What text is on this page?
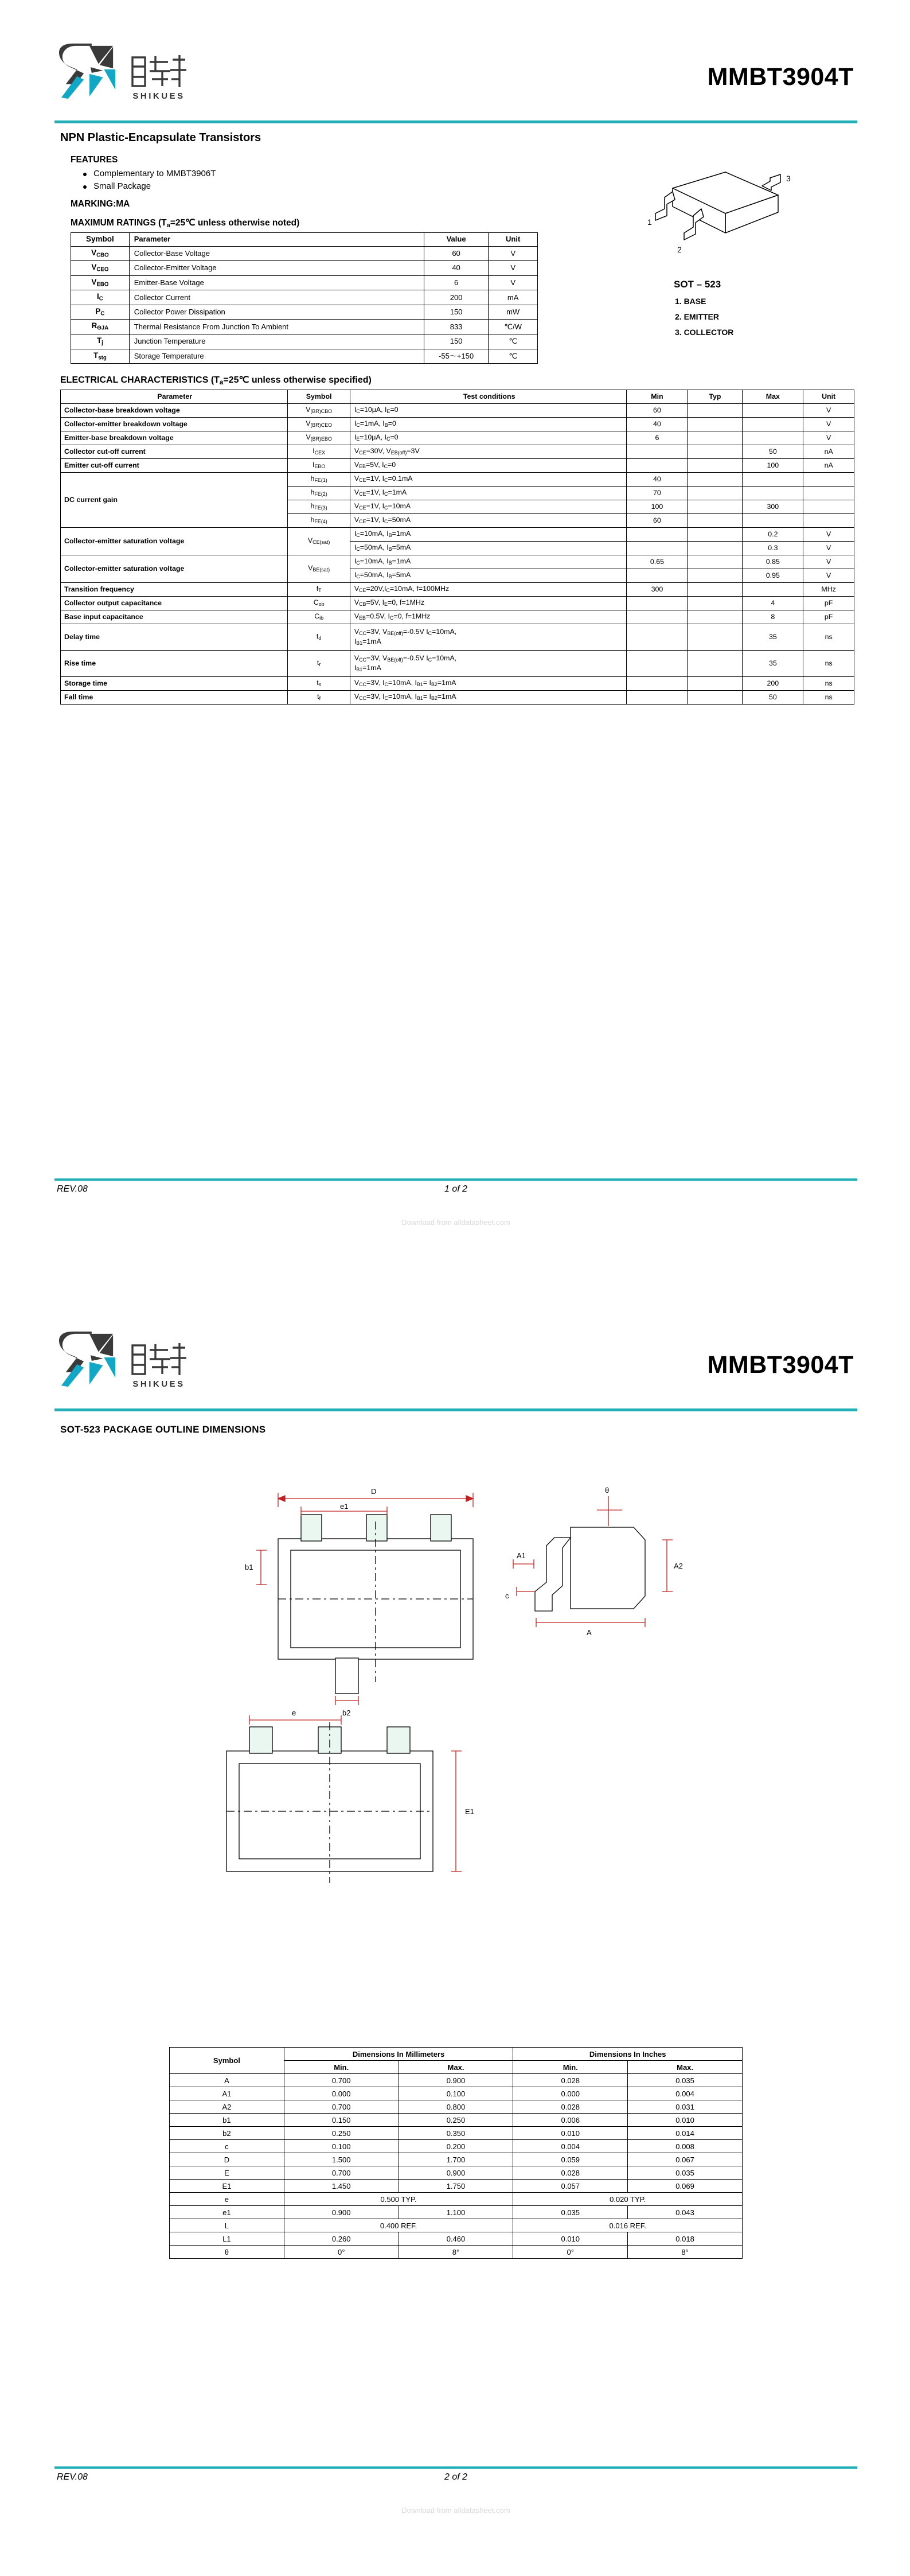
SHIKUES
MMBT3904T
NPN Plastic-Encapsulate Transistors
FEATURES
Complementary to MMBT3906T
Small Package
MARKING:MA
MAXIMUM RATINGS ($T_a=25℃$ unless otherwise noted)
Symbol	Parameter	Value	Unit
$V_{CBO}$	Collector-Base Voltage	60	V
$V_{CEO}$	Collector-Emitter Voltage	40	V
$V_{EBO}$	Emitter-Base Voltage	6	V
$I_C$	Collector Current	200	mA
$P_C$	Collector Power Dissipation	150	mW
$R_{\Theta JA}$	Thermal Resistance From Junction To Ambient	833	℃/W
$T_j$	Junction Temperature	150	℃
$T_{stg}$	Storage Temperature	-55～+150	℃
1
2
3
SOT – 523
1. BASE
2. EMITTER
3. COLLECTOR
ELECTRICAL CHARACTERISTICS ($T_a=25℃$ unless otherwise specified)
Parameter	Symbol	Test conditions	Min	Typ	Max	Unit
Collector-base breakdown voltage	$V_{(BR)CBO}$	$I_C=10\mu A$, $I_E=0$	60			V
Collector-emitter breakdown voltage	$V_{(BR)CEO}$	$I_C=1mA$, $I_B=0$	40			V
Emitter-base breakdown voltage	$V_{(BR)EBO}$	$I_E=10\mu A$, $I_C=0$	6			V
Collector cut-off current	$I_{CEX}$	$V_{CE}=30V$, $V_{EB(off)}=3V$			50	nA
Emitter cut-off current	$I_{EBO}$	$V_{EB}=5V$, $I_C=0$			100	nA
DC current gain	$h_{FE(1)}$	$V_{CE}=1V$, $I_C=0.1mA$	40			
	$h_{FE(2)}$	$V_{CE}=1V$, $I_C=1mA$	70			
	$h_{FE(3)}$	$V_{CE}=1V$, $I_C=10mA$	100		300	
	$h_{FE(4)}$	$V_{CE}=1V$, $I_C=50mA$	60			
Collector-emitter saturation voltage	$V_{CE(sat)}$	$I_C=10mA$, $I_B=1mA$			0.2	V
		$I_C=50mA$, $I_B=5mA$			0.3	V
Collector-emitter saturation voltage	$V_{BE(sat)}$	$I_C=10mA$, $I_B=1mA$	0.65		0.85	V
		$I_C=50mA$, $I_B=5mA$			0.95	V
Transition frequency	$f_T$	$V_{CE}=20V,I_C=10mA$, f=100MHz	300			MHz
Collector output capacitance	$C_{ob}$	$V_{CB}=5V$, $I_E=0$, f=1MHz			4	pF
Base input capacitance	$C_{ib}$	$V_{EB}=0.5V$, $I_C=0$, f=1MHz			8	pF
Delay time	$t_d$	$V_{CC}=3V$, $V_{BE(off)}=-0.5V$ $I_C=10mA$,
$I_{B1}=1mA$			35	ns
Rise time	$t_r$	$V_{CC}=3V$, $V_{BE(off)}=-0.5V$ $I_C=10mA$,
$I_{B1}=1mA$			35	ns
Storage time	$t_s$	$V_{CC}=3V$, $I_C=10mA$, $I_{B1}= I_{B2}=1mA$			200	ns
Fall time	$t_f$	$V_{CC}=3V$, $I_C=10mA$, $I_{B1}= I_{B2}=1mA$			50	ns
REV.08	1 of 2
Download from alldatasheet.com
SHIKUES
MMBT3904T
SOT-523 PACKAGE OUTLINE DIMENSIONS
D
e1
b1
b2
θ
A1
A2
A
c
e
E1
Symbol	Dimensions In Millimeters		Dimensions In Inches	
	Min.	Max.	Min.	Max.
A	0.700	0.900	0.028	0.035
A1	0.000	0.100	0.000	0.004
A2	0.700	0.800	0.028	0.031
b1	0.150	0.250	0.006	0.010
b2	0.250	0.350	0.010	0.014
c	0.100	0.200	0.004	0.008
D	1.500	1.700	0.059	0.067
E	0.700	0.900	0.028	0.035
E1	1.450	1.750	0.057	0.069
e	0.500 TYP.		0.020 TYP.	
e1	0.900	1.100	0.035	0.043
L	0.400 REF.		0.016 REF.	
L1	0.260	0.460	0.010	0.018
θ	0°	8°	0°	8°
REV.08	2 of 2
Download from alldatasheet.com
